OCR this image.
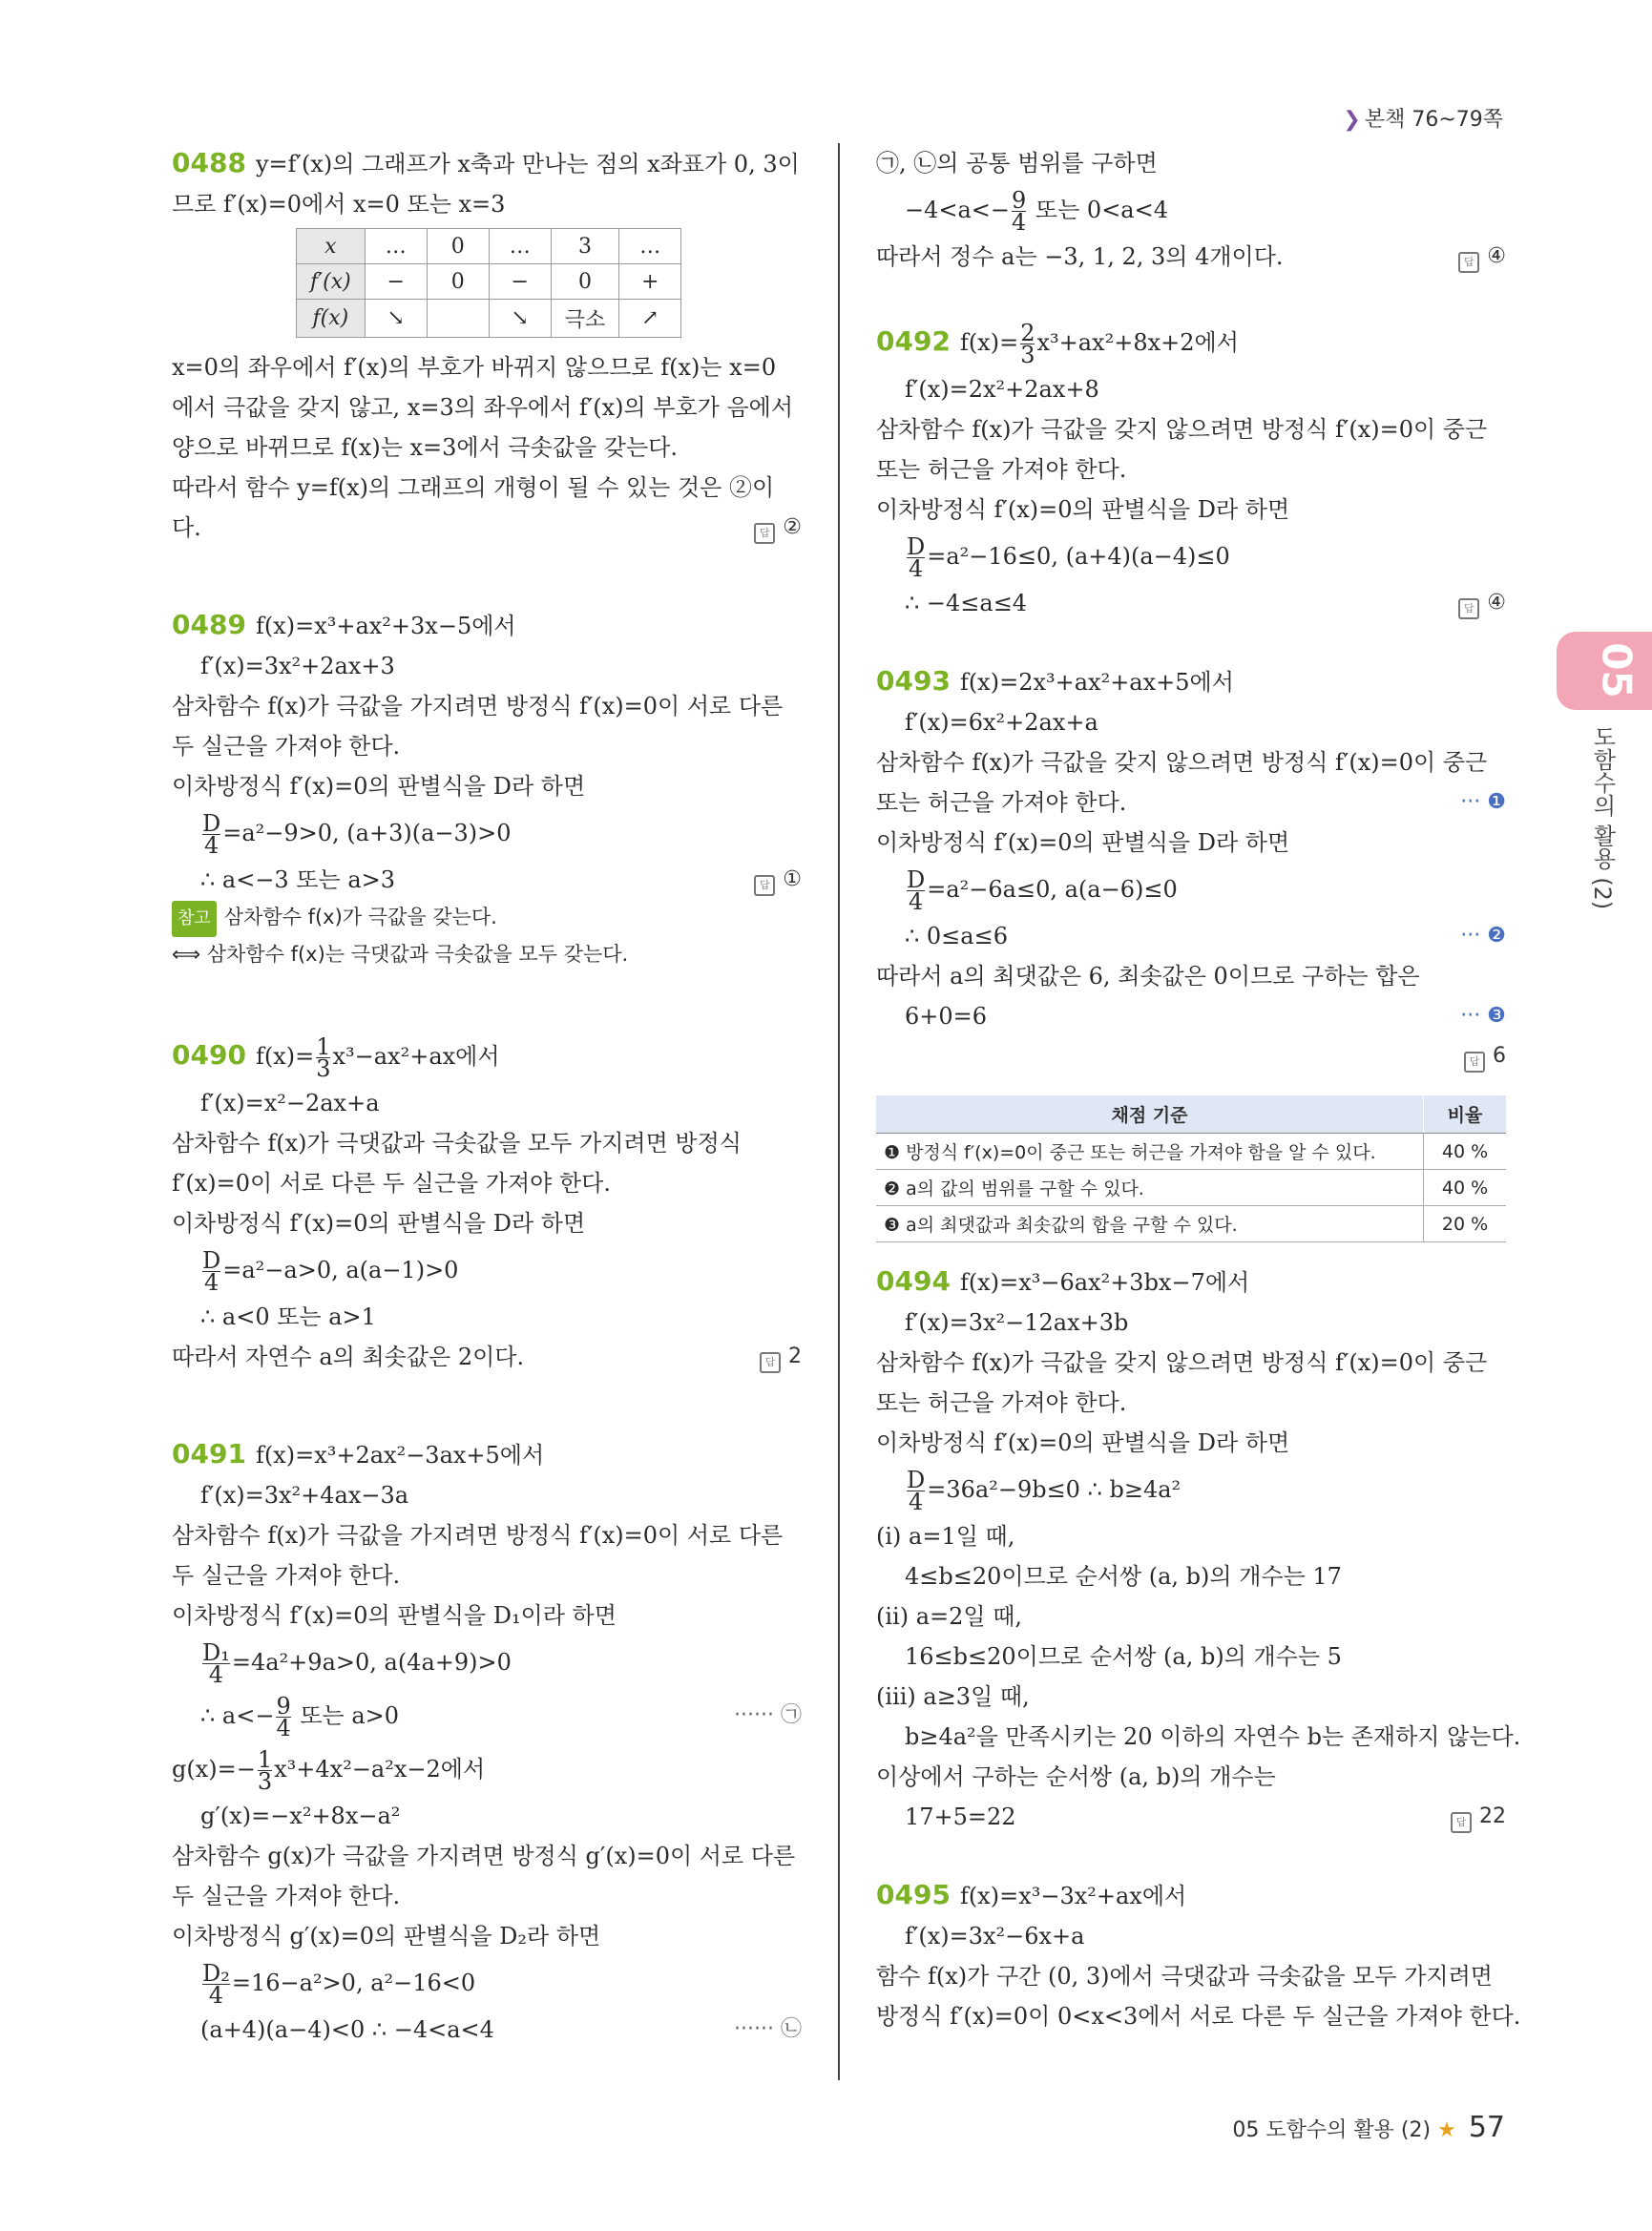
❯ 본책 76~79쪽
0488 y=f′(x)의 그래프가 x축과 만나는 점의 x좌표가 0, 3이
므로 f′(x)=0에서 x=0 또는 x=3
x	…	0	…	3	…
f′(x)	−	0	−	0	+
f(x)	↘		↘	극소	↗
x=0의 좌우에서 f′(x)의 부호가 바뀌지 않으므로 f(x)는 x=0
에서 극값을 갖지 않고, x=3의 좌우에서 f′(x)의 부호가 음에서
양으로 바뀌므로 f(x)는 x=3에서 극솟값을 갖는다.
따라서 함수 y=f(x)의 그래프의 개형이 될 수 있는 것은 ②이
다.	답 ②
0489 f(x)=x³+ax²+3x−5에서
f′(x)=3x²+2ax+3
삼차함수 f(x)가 극값을 가지려면 방정식 f′(x)=0이 서로 다른
두 실근을 가져야 한다.
이차방정식 f′(x)=0의 판별식을 D라 하면
$\frac{D}{4} =a^2-9>0$, (a+3)(a−3)>0
∴ a<−3 또는 a>3	답 ①
참고 삼차함수 f(x)가 극값을 갖는다.
⟺ 삼차함수 f(x)는 극댓값과 극솟값을 모두 갖는다.
0490 $f(x)= \frac{1}{3} x^3-ax^2+ax$에서
f′(x)=x²−2ax+a
삼차함수 f(x)가 극댓값과 극솟값을 모두 가지려면 방정식
f′(x)=0이 서로 다른 두 실근을 가져야 한다.
이차방정식 f′(x)=0의 판별식을 D라 하면
$\frac{D}{4} =a^2-a>0$, a(a−1)>0
∴ a<0 또는 a>1
따라서 자연수 a의 최솟값은 2이다.	답 2
0491 f(x)=x³+2ax²−3ax+5에서
f′(x)=3x²+4ax−3a
삼차함수 f(x)가 극값을 가지려면 방정식 f′(x)=0이 서로 다른
두 실근을 가져야 한다.
이차방정식 f′(x)=0의 판별식을 D₁이라 하면
$\frac{\text{D₁}}{4} =4a^2+9a>0$, a(4a+9)>0
∴ $a<- \frac{9}{4}$ 또는 a>0	······ ㉠
$g(x)=- \frac{1}{3} x^3+4x^2-a^2x-2$에서
g′(x)=−x²+8x−a²
삼차함수 g(x)가 극값을 가지려면 방정식 g′(x)=0이 서로 다른
두 실근을 가져야 한다.
이차방정식 g′(x)=0의 판별식을 D₂라 하면
$\frac{\text{D₂}}{4} =16-a^2>0$, a²−16<0
(a+4)(a−4)<0 ∴ −4<a<4	······ ㉡
㉠, ㉡의 공통 범위를 구하면
$-4<a<- \frac{9}{4}$ 또는 0<a<4
따라서 정수 a는 −3, 1, 2, 3의 4개이다.	답 ④
0492 $f(x)= \frac{2}{3} x^3+ax^2+8x+2$에서
f′(x)=2x²+2ax+8
삼차함수 f(x)가 극값을 갖지 않으려면 방정식 f′(x)=0이 중근
또는 허근을 가져야 한다.
이차방정식 f′(x)=0의 판별식을 D라 하면
$\frac{D}{4} =a^2-16\le 0$, (a+4)(a−4)≤0
∴ −4≤a≤4	답 ④
0493 f(x)=2x³+ax²+ax+5에서
f′(x)=6x²+2ax+a
삼차함수 f(x)가 극값을 갖지 않으려면 방정식 f′(x)=0이 중근
또는 허근을 가져야 한다.	··· ❶
이차방정식 f′(x)=0의 판별식을 D라 하면
$\frac{D}{4} =a^2-6a\le 0$, a(a−6)≤0
∴ 0≤a≤6	··· ❷
따라서 a의 최댓값은 6, 최솟값은 0이므로 구하는 합은
6+0=6	··· ❸
답 6

채점 기준	비율
❶ 방정식 f′(x)=0이 중근 또는 허근을 가져야 함을 알 수 있다.	40 %
❷ a의 값의 범위를 구할 수 있다.	40 %
❸ a의 최댓값과 최솟값의 합을 구할 수 있다.	20 %
0494 f(x)=x³−6ax²+3bx−7에서
f′(x)=3x²−12ax+3b
삼차함수 f(x)가 극값을 갖지 않으려면 방정식 f′(x)=0이 중근
또는 허근을 가져야 한다.
이차방정식 f′(x)=0의 판별식을 D라 하면
$\frac{D}{4} =36a^2-9b\le 0$ ∴ b≥4a²
(ⅰ) a=1일 때,
4≤b≤20이므로 순서쌍 (a, b)의 개수는 17
(ⅱ) a=2일 때,
16≤b≤20이므로 순서쌍 (a, b)의 개수는 5
(ⅲ) a≥3일 때,
b≥4a²을 만족시키는 20 이하의 자연수 b는 존재하지 않는다.
이상에서 구하는 순서쌍 (a, b)의 개수는
17+5=22	답 22
0495 f(x)=x³−3x²+ax에서
f′(x)=3x²−6x+a
함수 f(x)가 구간 (0, 3)에서 극댓값과 극솟값을 모두 가지려면
방정식 f′(x)=0이 0<x<3에서 서로 다른 두 실근을 가져야 한다.
05
도함수의 활용 (2)
05 도함수의 활용 (2) ★ 57
